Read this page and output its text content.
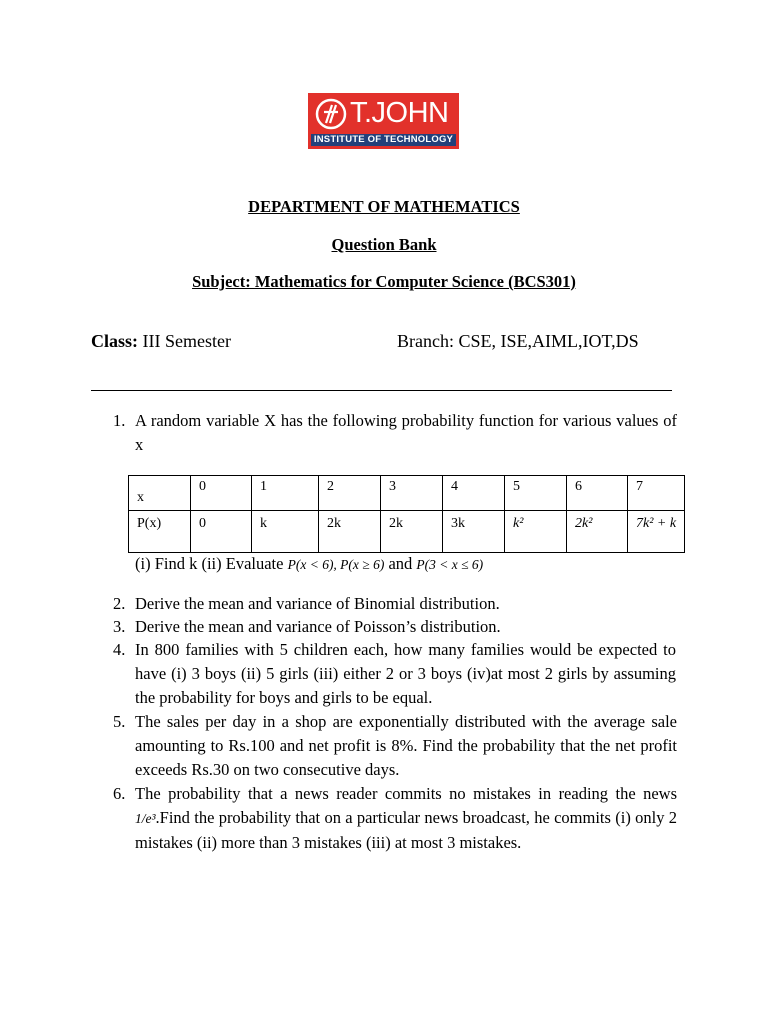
T.JOHN
INSTITUTE OF TECHNOLOGY
DEPARTMENT OF MATHEMATICS
Question Bank
Subject: Mathematics for Computer Science (BCS301)
Class: III Semester	Branch: CSE, ISE,AIML,IOT,DS
1. A random variable X has the following probability function for various values of x
x	0	1	2	3	4	5	6	7
P(x)	0	k	2k	2k	3k	k²	2k²	7k² + k
(i) Find k (ii) Evaluate P(x < 6), P(x ≥ 6) and P(3 < x ≤ 6)
2. Derive the mean and variance of Binomial distribution.
3. Derive the mean and variance of Poisson’s distribution.
4. In 800 families with 5 children each, how many families would be expected to have (i) 3 boys (ii) 5 girls (iii) either 2 or 3 boys (iv)at most 2 girls by assuming the probability for boys and girls to be equal.
5. The sales per day in a shop are exponentially distributed with the average sale amounting to Rs.100 and net profit is 8%. Find the probability that the net profit exceeds Rs.30 on two consecutive days.
6. The probability that a news reader commits no mistakes in reading the news 1/e³.Find the probability that on a particular news broadcast, he commits (i) only 2 mistakes (ii) more than 3 mistakes (iii) at most 3 mistakes.
